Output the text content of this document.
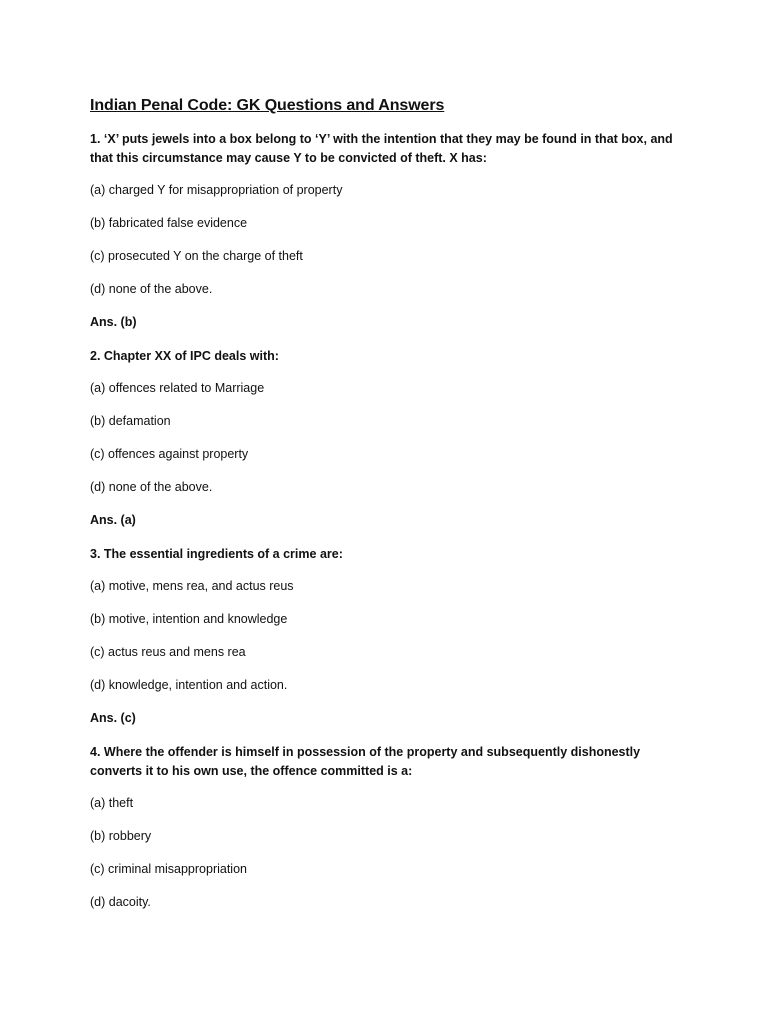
Indian Penal Code: GK Questions and Answers

1. ‘X’ puts jewels into a box belong to ‘Y’ with the intention that they may be found in that box, and that this circumstance may cause Y to be convicted of theft. X has:

(a) charged Y for misappropriation of property

(b) fabricated false evidence

(c) prosecuted Y on the charge of theft

(d) none of the above.

Ans. (b)

2. Chapter XX of IPC deals with:

(a) offences related to Marriage

(b) defamation

(c) offences against property

(d) none of the above.

Ans. (a)

3. The essential ingredients of a crime are:

(a) motive, mens rea, and actus reus

(b) motive, intention and knowledge

(c) actus reus and mens rea

(d) knowledge, intention and action.

Ans. (c)

4. Where the offender is himself in possession of the property and subsequently dishonestly converts it to his own use, the offence committed is a:

(a) theft

(b) robbery

(c) criminal misappropriation

(d) dacoity.
